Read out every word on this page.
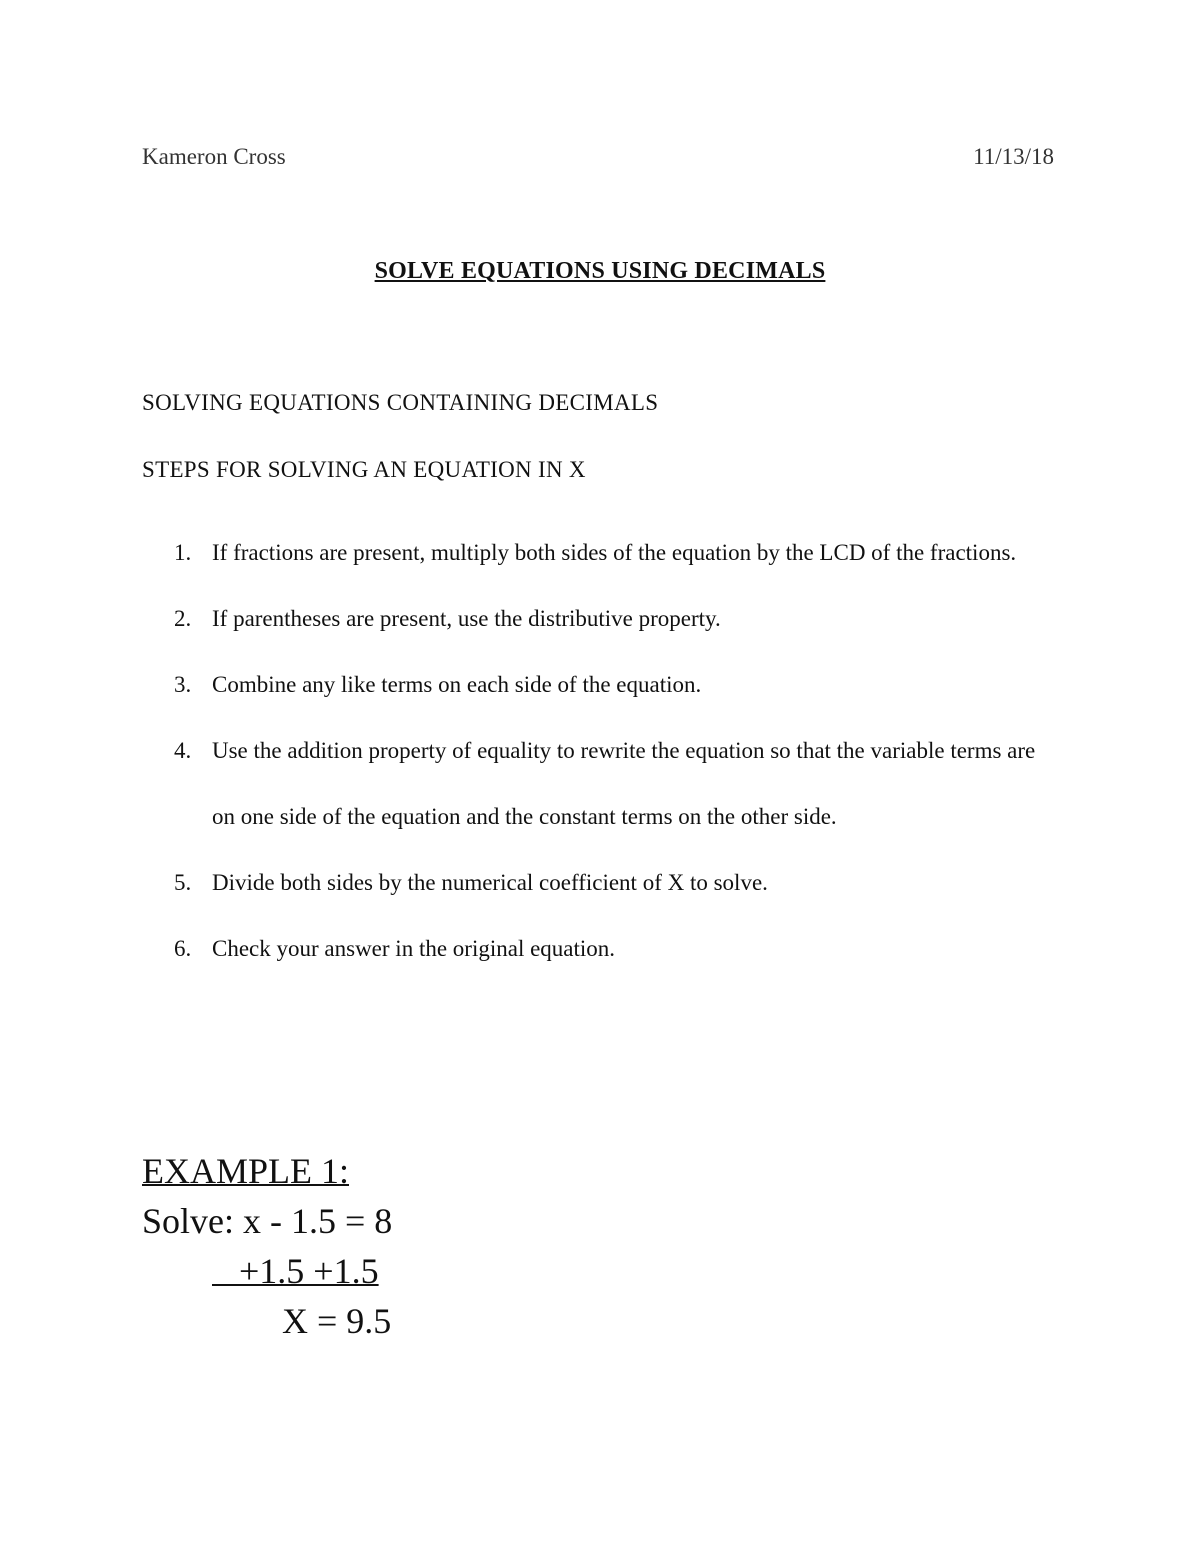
Kameron Cross	11/13/18
SOLVE EQUATIONS USING DECIMALS
SOLVING EQUATIONS CONTAINING DECIMALS
STEPS FOR SOLVING AN EQUATION IN X
1. If fractions are present, multiply both sides of the equation by the LCD of the fractions.
2. If parentheses are present, use the distributive property.
3. Combine any like terms on each side of the equation.
4. Use the addition property of equality to rewrite the equation so that the variable terms are on one side of the equation and the constant terms on the other side.
5. Divide both sides by the numerical coefficient of X to solve.
6. Check your answer in the original equation.
EXAMPLE 1:
Solve: x - 1.5 = 8
+1.5 +1.5
X = 9.5
